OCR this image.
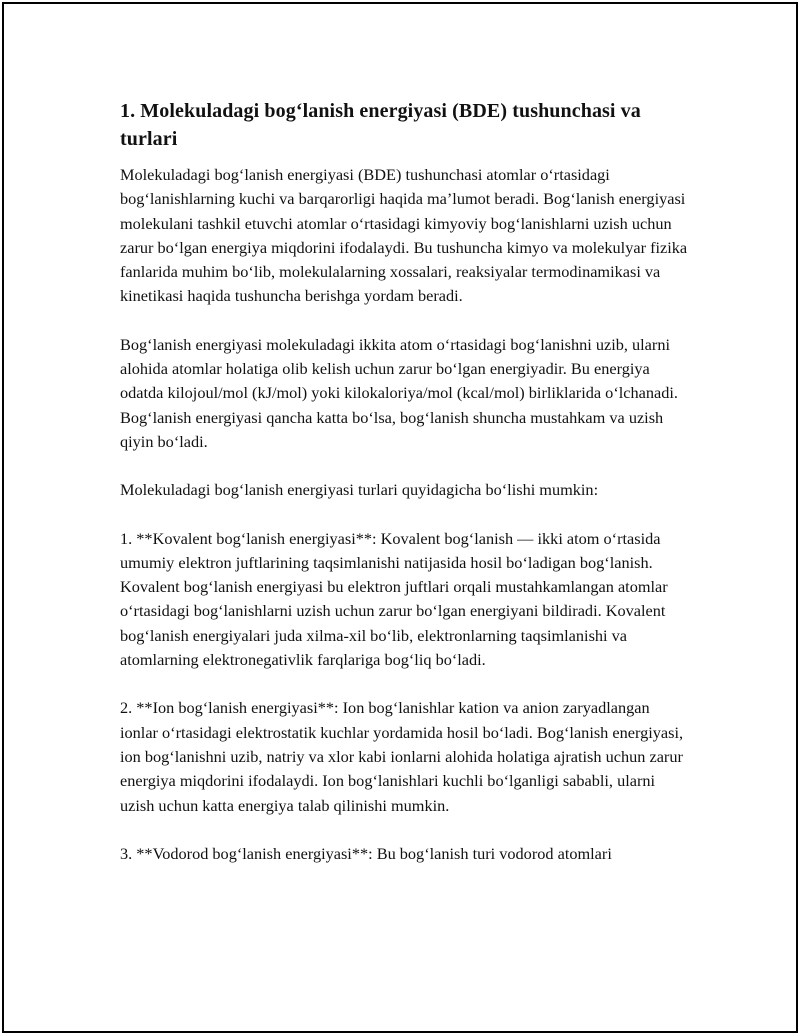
1. Molekuladagi bog‘lanish energiyasi (BDE) tushunchasi va turlari

Molekuladagi bog‘lanish energiyasi (BDE) tushunchasi atomlar o‘rtasidagi bog‘lanishlarning kuchi va barqarorligi haqida ma’lumot beradi. Bog‘lanish energiyasi molekulani tashkil etuvchi atomlar o‘rtasidagi kimyoviy bog‘lanishlarni uzish uchun zarur bo‘lgan energiya miqdorini ifodalaydi. Bu tushuncha kimyo va molekulyar fizika fanlarida muhim bo‘lib, molekulalarning xossalari, reaksiyalar termodinamikasi va kinetikasi haqida tushuncha berishga yordam beradi.

Bog‘lanish energiyasi molekuladagi ikkita atom o‘rtasidagi bog‘lanishni uzib, ularni alohida atomlar holatiga olib kelish uchun zarur bo‘lgan energiyadir. Bu energiya odatda kilojoul/mol (kJ/mol) yoki kilokaloriya/mol (kcal/mol) birliklarida o‘lchanadi. Bog‘lanish energiyasi qancha katta bo‘lsa, bog‘lanish shuncha mustahkam va uzish qiyin bo‘ladi.

Molekuladagi bog‘lanish energiyasi turlari quyidagicha bo‘lishi mumkin:

1. **Kovalent bog‘lanish energiyasi**: Kovalent bog‘lanish — ikki atom o‘rtasida umumiy elektron juftlarining taqsimlanishi natijasida hosil bo‘ladigan bog‘lanish. Kovalent bog‘lanish energiyasi bu elektron juftlari orqali mustahkamlangan atomlar o‘rtasidagi bog‘lanishlarni uzish uchun zarur bo‘lgan energiyani bildiradi. Kovalent bog‘lanish energiyalari juda xilma-xil bo‘lib, elektronlarning taqsimlanishi va atomlarning elektronegativlik farqlariga bog‘liq bo‘ladi.

2. **Ion bog‘lanish energiyasi**: Ion bog‘lanishlar kation va anion zaryadlangan ionlar o‘rtasidagi elektrostatik kuchlar yordamida hosil bo‘ladi. Bog‘lanish energiyasi, ion bog‘lanishni uzib, natriy va xlor kabi ionlarni alohida holatiga ajratish uchun zarur energiya miqdorini ifodalaydi. Ion bog‘lanishlari kuchli bo‘lganligi sababli, ularni uzish uchun katta energiya talab qilinishi mumkin.

3. **Vodorod bog‘lanish energiyasi**: Bu bog‘lanish turi vodorod atomlari
